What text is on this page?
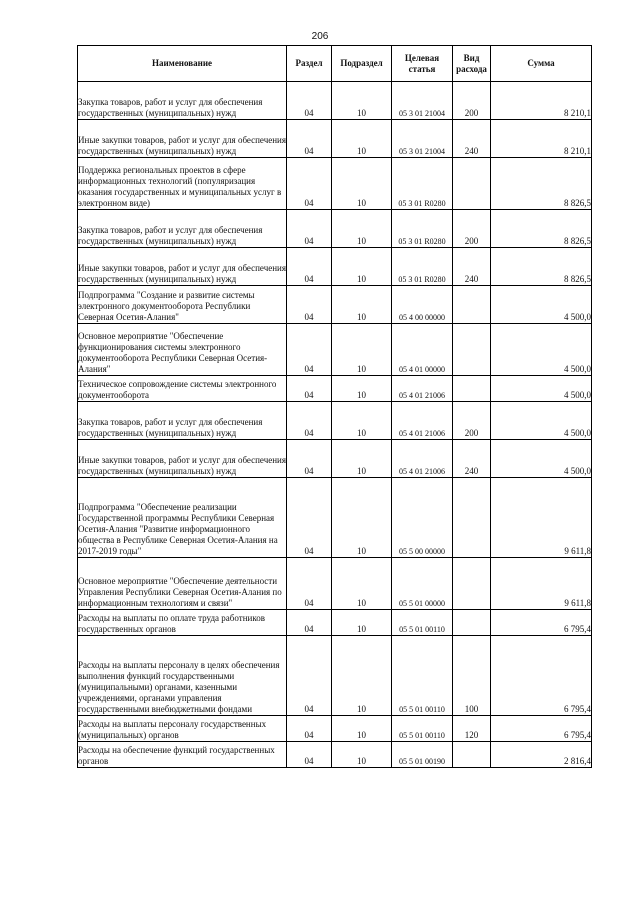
206
Наименование	Раздел	Подраздел	Целевая статья	Вид расхода	Сумма

Закупка товаров, работ и услуг для обеспечения государственных (муниципальных) нужд	04	10	05 3 01 21004	200	8 210,1

Иные закупки товаров, работ и услуг для обеспечения государственных (муниципальных) нужд	04	10	05 3 01 21004	240	8 210,1

Поддержка региональных проектов в сфере информационных технологий (популяризация оказания государственных и муниципальных услуг в электронном виде)	04	10	05 3 01 R0280		8 826,5

Закупка товаров, работ и услуг для обеспечения государственных (муниципальных) нужд	04	10	05 3 01 R0280	200	8 826,5

Иные закупки товаров, работ и услуг для обеспечения государственных (муниципальных) нужд	04	10	05 3 01 R0280	240	8 826,5

Подпрограмма "Создание и развитие системы электронного документооборота Республики Северная Осетия-Алания"	04	10	05 4 00 00000		4 500,0

Основное мероприятие "Обеспечение функционирования системы электронного документооборота Республики Северная Осетия-Алания"	04	10	05 4 01 00000		4 500,0

Техническое сопровождение системы электронного документооборота	04	10	05 4 01 21006		4 500,0

Закупка товаров, работ и услуг для обеспечения государственных (муниципальных) нужд	04	10	05 4 01 21006	200	4 500,0

Иные закупки товаров, работ и услуг для обеспечения государственных (муниципальных) нужд	04	10	05 4 01 21006	240	4 500,0

Подпрограмма "Обеспечение реализации Государственной программы Республики Северная Осетия-Алания "Развитие информационного общества в Республике Северная Осетия-Алания на 2017-2019 годы"	04	10	05 5 00 00000		9 611,8

Основное мероприятие "Обеспечение деятельности Управления Республики Северная Осетия-Алания по информационным технологиям и связи"	04	10	05 5 01 00000		9 611,8

Расходы на выплаты по оплате труда работников государственных органов	04	10	05 5 01 00110		6 795,4

Расходы на выплаты персоналу в целях обеспечения выполнения функций государственными (муниципальными) органами, казенными учреждениями, органами управления государственными внебюджетными фондами	04	10	05 5 01 00110	100	6 795,4

Расходы на выплаты персоналу государственных (муниципальных) органов	04	10	05 5 01 00110	120	6 795,4

Расходы на обеспечение функций государственных органов	04	10	05 5 01 00190		2 816,4
